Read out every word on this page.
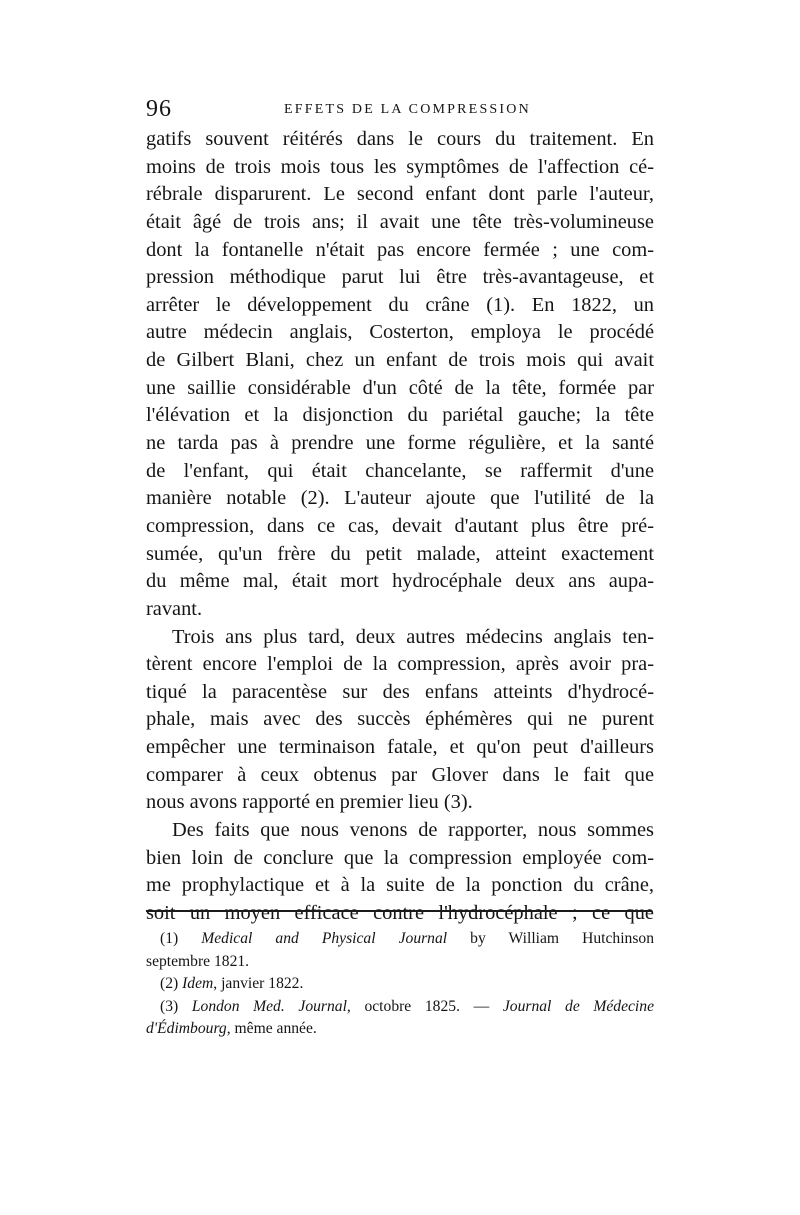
96	EFFETS DE LA COMPRESSION
gatifs souvent réitérés dans le cours du traitement. En
moins de trois mois tous les symptômes de l'affection cé-
rébrale disparurent. Le second enfant dont parle l'auteur,
était âgé de trois ans; il avait une tête très-volumineuse
dont la fontanelle n'était pas encore fermée ; une com-
pression méthodique parut lui être très-avantageuse, et
arrêter le développement du crâne (1). En 1822, un
autre médecin anglais, Costerton, employa le procédé
de Gilbert Blani, chez un enfant de trois mois qui avait
une saillie considérable d'un côté de la tête, formée par
l'élévation et la disjonction du pariétal gauche; la tête
ne tarda pas à prendre une forme régulière, et la santé
de l'enfant, qui était chancelante, se raffermit d'une
manière notable (2). L'auteur ajoute que l'utilité de la
compression, dans ce cas, devait d'autant plus être pré-
sumée, qu'un frère du petit malade, atteint exactement
du même mal, était mort hydrocéphale deux ans aupa-
ravant.
Trois ans plus tard, deux autres médecins anglais ten-
tèrent encore l'emploi de la compression, après avoir pra-
tiqué la paracentèse sur des enfans atteints d'hydrocé-
phale, mais avec des succès éphémères qui ne purent
empêcher une terminaison fatale, et qu'on peut d'ailleurs
comparer à ceux obtenus par Glover dans le fait que
nous avons rapporté en premier lieu (3).
Des faits que nous venons de rapporter, nous sommes
bien loin de conclure que la compression employée com-
me prophylactique et à la suite de la ponction du crâne,
soit un moyen efficace contre l'hydrocéphale ; ce que
(1) Medical and Physical Journal by William Hutchinson
septembre 1821.
(2) Idem, janvier 1822.
(3) London Med. Journal, octobre 1825. — Journal de Médecine
d'Édimbourg, même année.
